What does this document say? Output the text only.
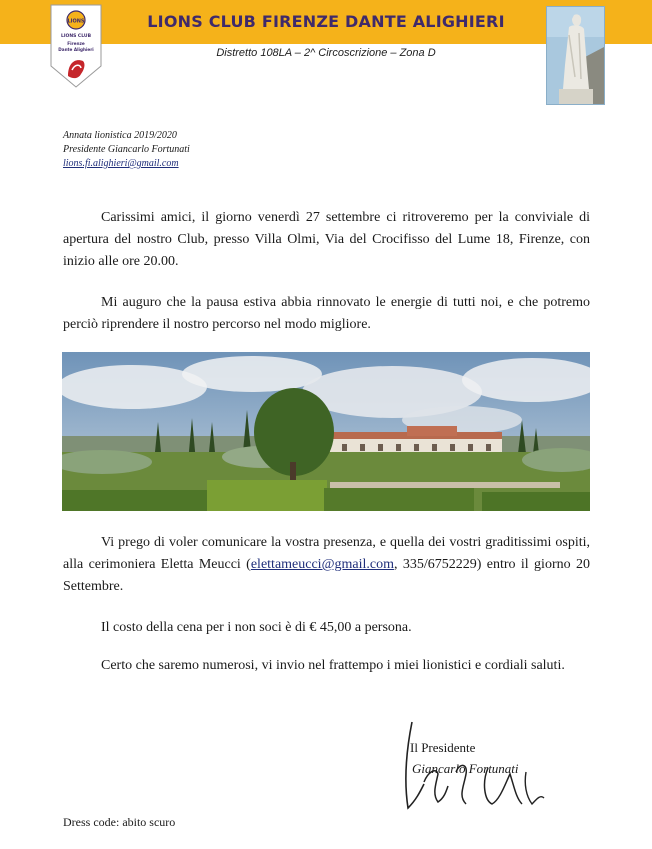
LIONS
LIONS CLUB
Firenze
Dante Alighieri
LIONS CLUB FIRENZE DANTE ALIGHIERI
Distretto 108LA – 2^ Circoscrizione – Zona D
Annata lionistica 2019/2020
Presidente Giancarlo Fortunati
lions.fi.alighieri@gmail.com
Carissimi amici, il giorno venerdì 27 settembre ci ritroveremo per la conviviale di apertura del nostro Club, presso Villa Olmi, Via del Crocifisso del Lume 18, Firenze, con inizio alle ore 20.00.
Mi auguro che la pausa estiva abbia rinnovato le energie di tutti noi, e che potremo perciò riprendere il nostro percorso nel modo migliore.
Vi prego di voler comunicare la vostra presenza, e quella dei vostri graditissimi ospiti, alla cerimoniera Eletta Meucci (elettameucci@gmail.com, 335/6752229) entro il giorno 20 Settembre.
Il costo della cena per i non soci è di € 45,00 a persona.
Certo che saremo numerosi, vi invio nel frattempo i miei lionistici e cordiali saluti.
Il Presidente
Giancarlo Fortunati
Dress code: abito scuro
